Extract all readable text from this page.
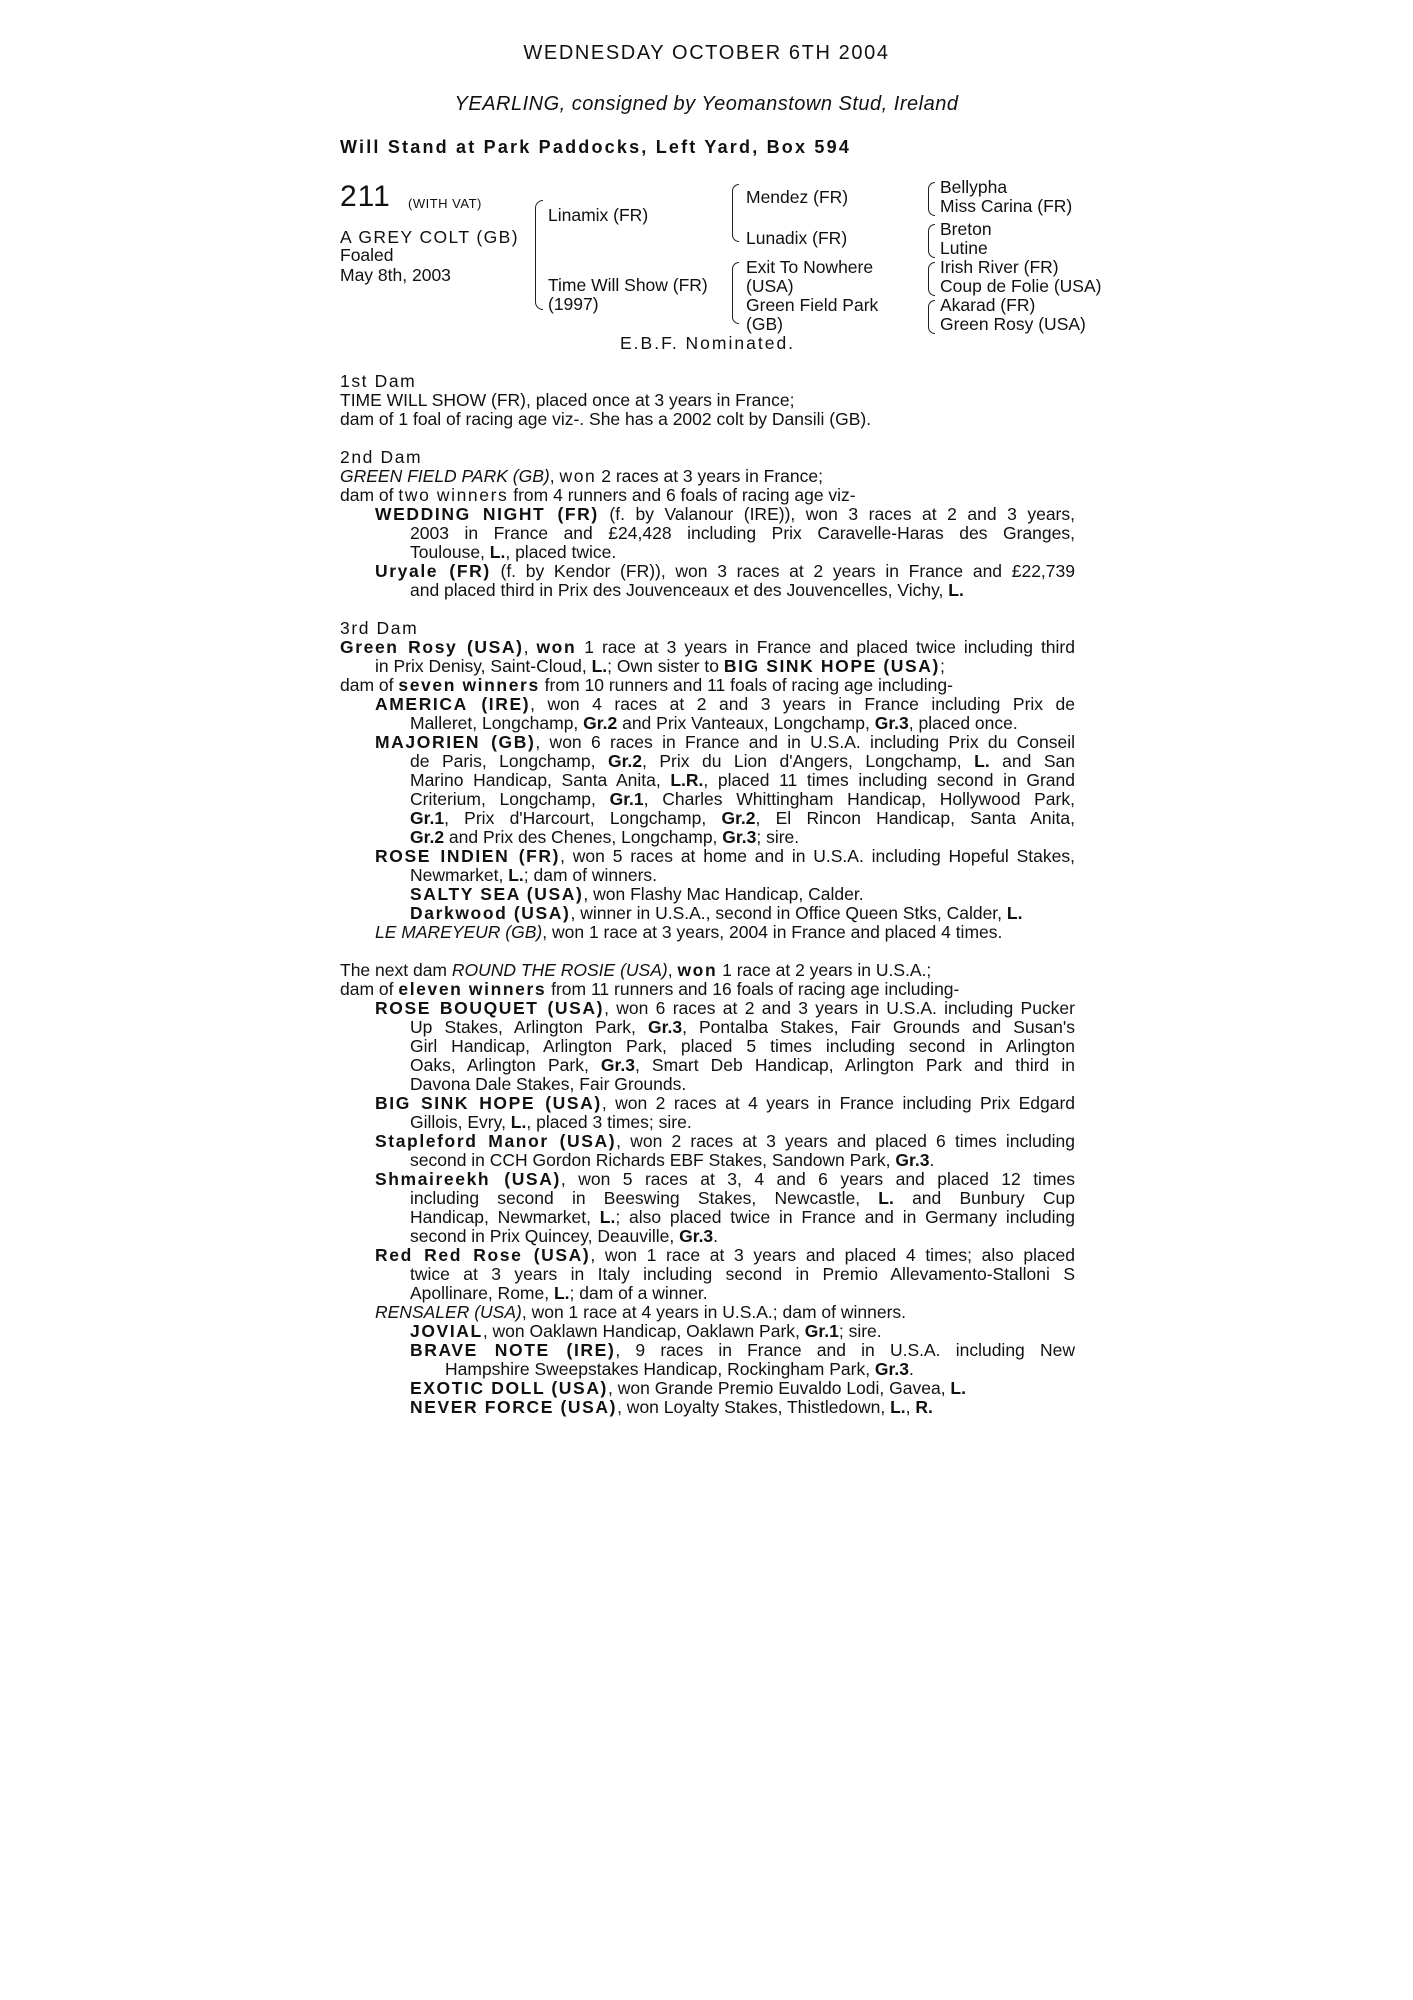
WEDNESDAY OCTOBER 6TH 2004
YEARLING, consigned by Yeomanstown Stud, Ireland
Will Stand at Park Paddocks, Left Yard, Box 594
211 (WITH VAT)
A GREY COLT (GB)
Foaled
May 8th, 2003
Linamix (FR)
Time Will Show (FR)
(1997)
Mendez (FR)
Lunadix (FR)
Exit To Nowhere
(USA)
Green Field Park
(GB)
Bellypha
Miss Carina (FR)
Breton
Lutine
Irish River (FR)
Coup de Folie (USA)
Akarad (FR)
Green Rosy (USA)
E.B.F. Nominated.
1st Dam
TIME WILL SHOW (FR), placed once at 3 years in France;
dam of 1 foal of racing age viz-. She has a 2002 colt by Dansili (GB).
2nd Dam
GREEN FIELD PARK (GB), won 2 races at 3 years in France;
dam of two winners from 4 runners and 6 foals of racing age viz-
WEDDING NIGHT (FR) (f. by Valanour (IRE)), won 3 races at 2 and 3 years,
2003 in France and £24,428 including Prix Caravelle-Haras des Granges,
Toulouse, L., placed twice.
Uryale (FR) (f. by Kendor (FR)), won 3 races at 2 years in France and £22,739
and placed third in Prix des Jouvenceaux et des Jouvencelles, Vichy, L.
3rd Dam
Green Rosy (USA), won 1 race at 3 years in France and placed twice including third
in Prix Denisy, Saint-Cloud, L.; Own sister to BIG SINK HOPE (USA);
dam of seven winners from 10 runners and 11 foals of racing age including-
AMERICA (IRE), won 4 races at 2 and 3 years in France including Prix de
Malleret, Longchamp, Gr.2 and Prix Vanteaux, Longchamp, Gr.3, placed once.
MAJORIEN (GB), won 6 races in France and in U.S.A. including Prix du Conseil
de Paris, Longchamp, Gr.2, Prix du Lion d'Angers, Longchamp, L. and San
Marino Handicap, Santa Anita, L.R., placed 11 times including second in Grand
Criterium, Longchamp, Gr.1, Charles Whittingham Handicap, Hollywood Park,
Gr.1, Prix d'Harcourt, Longchamp, Gr.2, El Rincon Handicap, Santa Anita,
Gr.2 and Prix des Chenes, Longchamp, Gr.3; sire.
ROSE INDIEN (FR), won 5 races at home and in U.S.A. including Hopeful Stakes,
Newmarket, L.; dam of winners.
SALTY SEA (USA), won Flashy Mac Handicap, Calder.
Darkwood (USA), winner in U.S.A., second in Office Queen Stks, Calder, L.
LE MAREYEUR (GB), won 1 race at 3 years, 2004 in France and placed 4 times.
The next dam ROUND THE ROSIE (USA), won 1 race at 2 years in U.S.A.;
dam of eleven winners from 11 runners and 16 foals of racing age including-
ROSE BOUQUET (USA), won 6 races at 2 and 3 years in U.S.A. including Pucker
Up Stakes, Arlington Park, Gr.3, Pontalba Stakes, Fair Grounds and Susan's
Girl Handicap, Arlington Park, placed 5 times including second in Arlington
Oaks, Arlington Park, Gr.3, Smart Deb Handicap, Arlington Park and third in
Davona Dale Stakes, Fair Grounds.
BIG SINK HOPE (USA), won 2 races at 4 years in France including Prix Edgard
Gillois, Evry, L., placed 3 times; sire.
Stapleford Manor (USA), won 2 races at 3 years and placed 6 times including
second in CCH Gordon Richards EBF Stakes, Sandown Park, Gr.3.
Shmaireekh (USA), won 5 races at 3, 4 and 6 years and placed 12 times
including second in Beeswing Stakes, Newcastle, L. and Bunbury Cup
Handicap, Newmarket, L.; also placed twice in France and in Germany including
second in Prix Quincey, Deauville, Gr.3.
Red Red Rose (USA), won 1 race at 3 years and placed 4 times; also placed
twice at 3 years in Italy including second in Premio Allevamento-Stalloni S
Apollinare, Rome, L.; dam of a winner.
RENSALER (USA), won 1 race at 4 years in U.S.A.; dam of winners.
JOVIAL, won Oaklawn Handicap, Oaklawn Park, Gr.1; sire.
BRAVE NOTE (IRE), 9 races in France and in U.S.A. including New
Hampshire Sweepstakes Handicap, Rockingham Park, Gr.3.
EXOTIC DOLL (USA), won Grande Premio Euvaldo Lodi, Gavea, L.
NEVER FORCE (USA), won Loyalty Stakes, Thistledown, L., R.
